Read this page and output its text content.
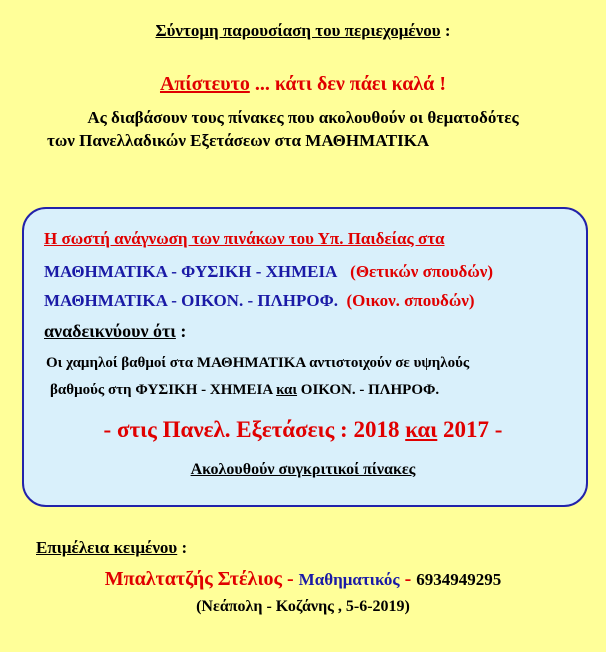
Σύντομη παρουσίαση του περιεχομένου :
Απίστευτο ... κάτι δεν πάει καλά !
Ας διαβάσουν τους πίνακες που ακολουθούν οι θεματοδότες
των Πανελλαδικών Εξετάσεων στα ΜΑΘΗΜΑΤΙΚΑ
Η σωστή ανάγνωση των πινάκων του Υπ. Παιδείας στα
ΜΑΘΗΜΑΤΙΚΑ - ΦΥΣΙΚΗ - ΧΗΜΕΙΑ (Θετικών σπουδών)
ΜΑΘΗΜΑΤΙΚΑ - ΟΙΚΟΝ. - ΠΛΗΡΟΦ. (Οικον. σπουδών)
αναδεικνύουν ότι :
Οι χαμηλοί βαθμοί στα ΜΑΘΗΜΑΤΙΚΑ αντιστοιχούν σε υψηλούς
βαθμούς στη ΦΥΣΙΚΗ - ΧΗΜΕΙΑ και ΟΙΚΟΝ. - ΠΛΗΡΟΦ.
- στις Πανελ. Εξετάσεις : 2018 και 2017 -
Ακολουθούν συγκριτικοί πίνακες
Επιμέλεια κειμένου :
Μπαλτατζής Στέλιος - Μαθηματικός - 6934949295
(Νεάπολη - Κοζάνης , 5-6-2019)
